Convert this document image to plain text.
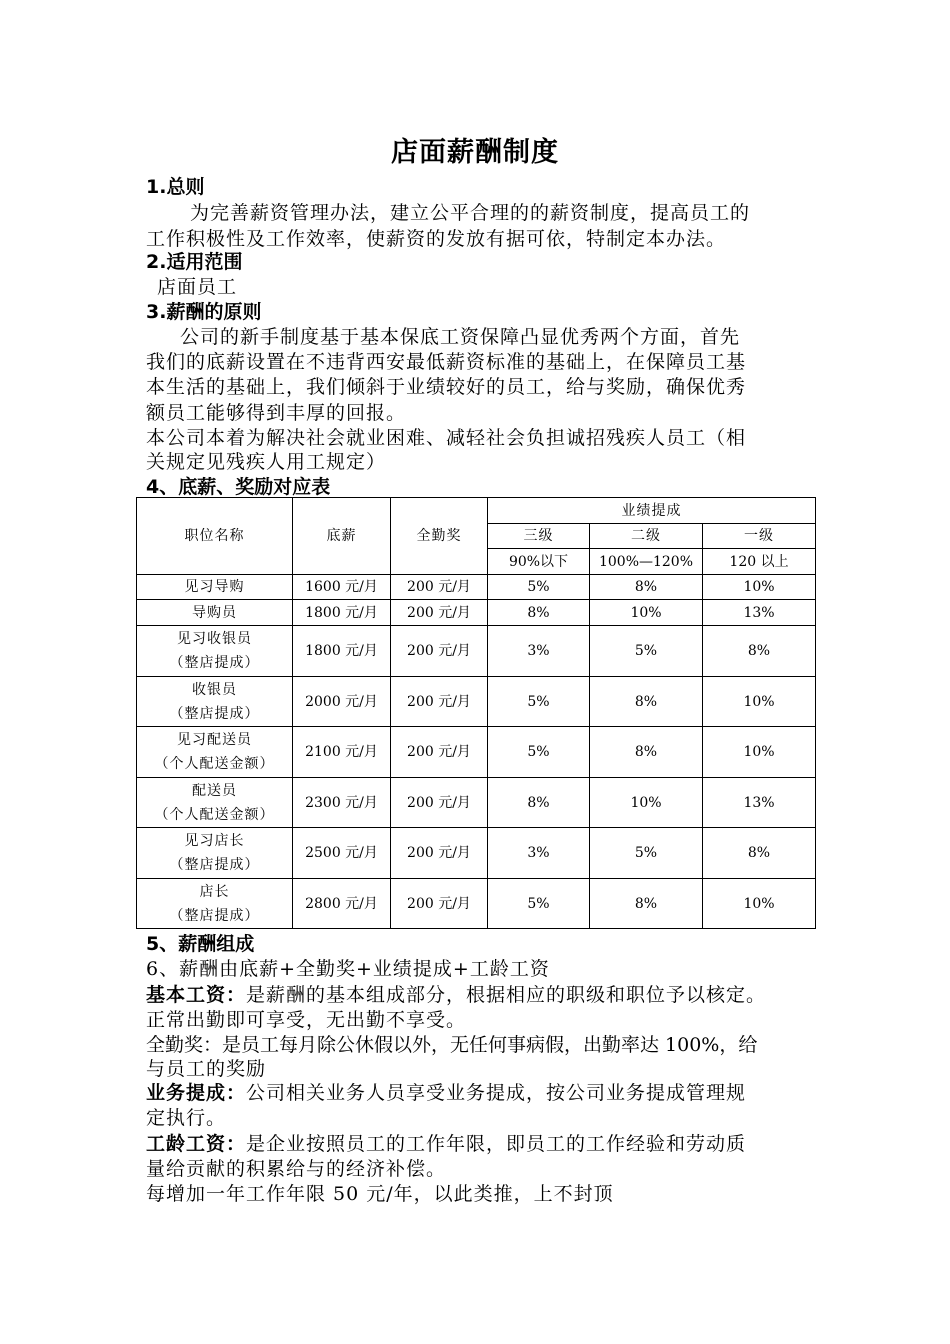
店面薪酬制度
1.总则
为完善薪资管理办法，建立公平合理的的薪资制度，提高员工的
工作积极性及工作效率，使薪资的发放有据可依，特制定本办法。
2.适用范围
店面员工
3.薪酬的原则
公司的新手制度基于基本保底工资保障凸显优秀两个方面，首先
我们的底薪设置在不违背西安最低薪资标准的基础上，在保障员工基
本生活的基础上，我们倾斜于业绩较好的员工，给与奖励，确保优秀
额员工能够得到丰厚的回报。
本公司本着为解决社会就业困难、减轻社会负担诚招残疾人员工（相
关规定见残疾人用工规定）
4、底薪、奖励对应表
职位名称	底薪	全勤奖	业绩提成		
			三级	二级	一级
			90%以下	100%—120%	120 以上
见习导购	1600 元/月	200 元/月	5%	8%	10%
导购员	1800 元/月	200 元/月	8%	10%	13%

见习收银员
（整店提成）	1800 元/月	200 元/月	3%	5%	8%

收银员
（整店提成）	2000 元/月	200 元/月	5%	8%	10%

见习配送员
（个人配送金额）	2100 元/月	200 元/月	5%	8%	10%

配送员
（个人配送金额）	2300 元/月	200 元/月	8%	10%	13%

见习店长
（整店提成）	2500 元/月	200 元/月	3%	5%	8%

店长
（整店提成）	2800 元/月	200 元/月	5%	8%	10%
5、薪酬组成
6、薪酬由底薪+全勤奖+业绩提成+工龄工资
基本工资：是薪酬的基本组成部分，根据相应的职级和职位予以核定。
正常出勤即可享受，无出勤不享受。
全勤奖：是员工每月除公休假以外，无任何事病假，出勤率达 100%，给
与员工的奖励
业务提成：公司相关业务人员享受业务提成，按公司业务提成管理规
定执行。
工龄工资：是企业按照员工的工作年限，即员工的工作经验和劳动质
量给贡献的积累给与的经济补偿。
每增加一年工作年限 50 元/年，以此类推，上不封顶
